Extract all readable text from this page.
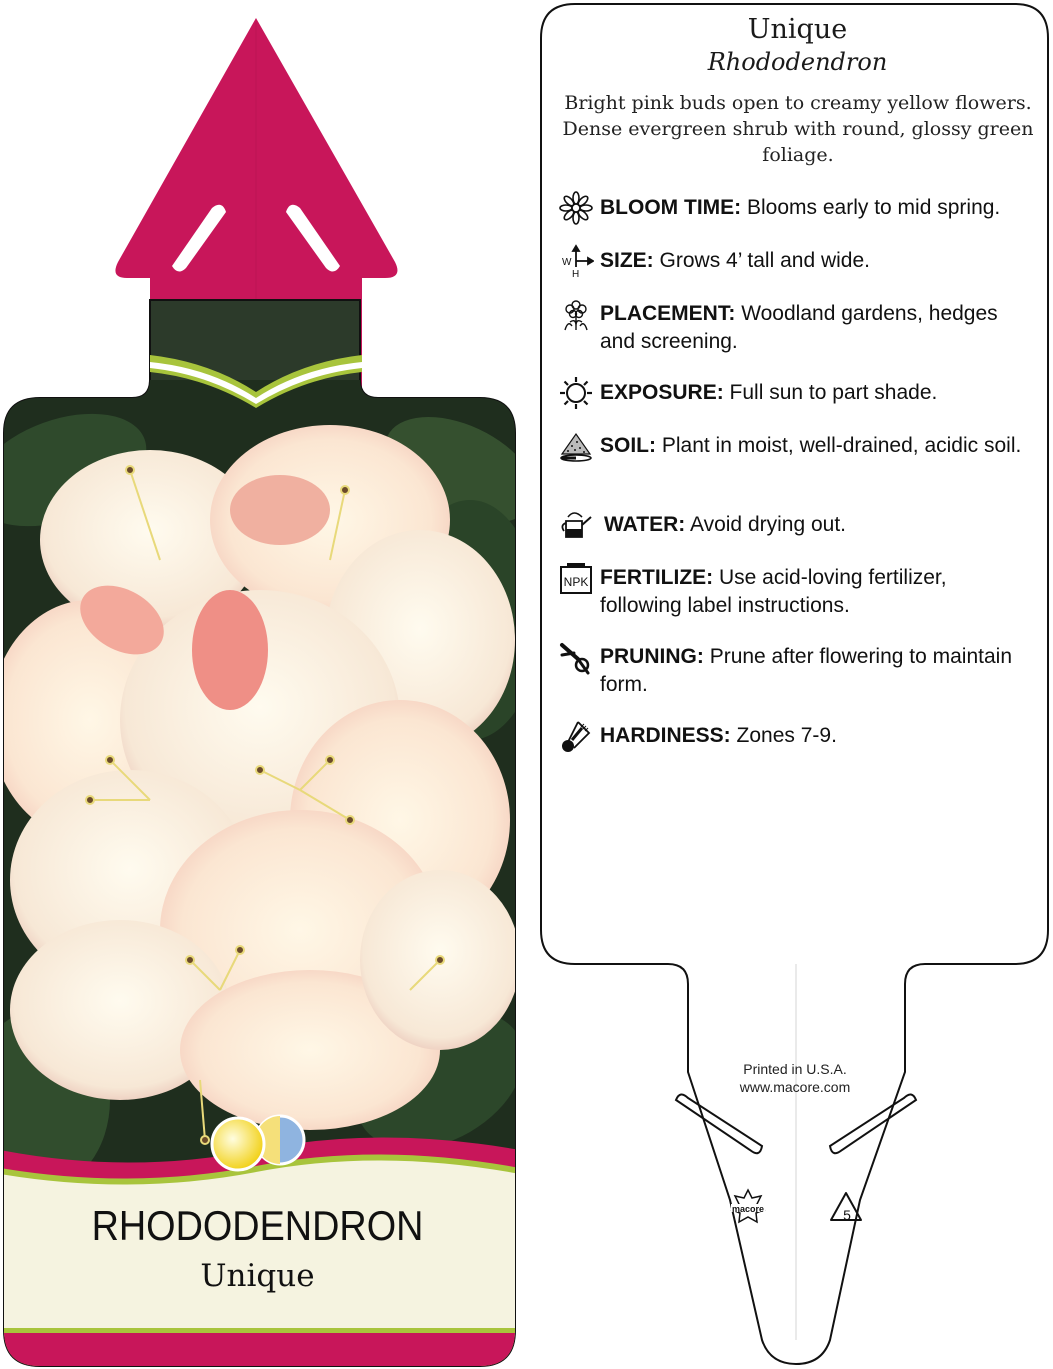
RHODODENDRON
Unique
macore	5
Unique
Rhododendron
Bright pink buds open to creamy yellow flowers. Dense evergreen shrub with round, glossy green foliage.
BLOOM TIME: Blooms early to mid spring.
W
H
SIZE: Grows 4’ tall and wide.
PLACEMENT: Woodland gardens, hedges and screening.
EXPOSURE: Full sun to part shade.
SOIL: Plant in moist, well-drained, acidic soil.
WATER: Avoid drying out.
NPK FERTILIZE: Use acid-loving fertilizer, following label instructions.
PRUNING: Prune after flowering to maintain form.
HARDINESS: Zones 7-9.
Printed in U.S.A.
www.macore.com
